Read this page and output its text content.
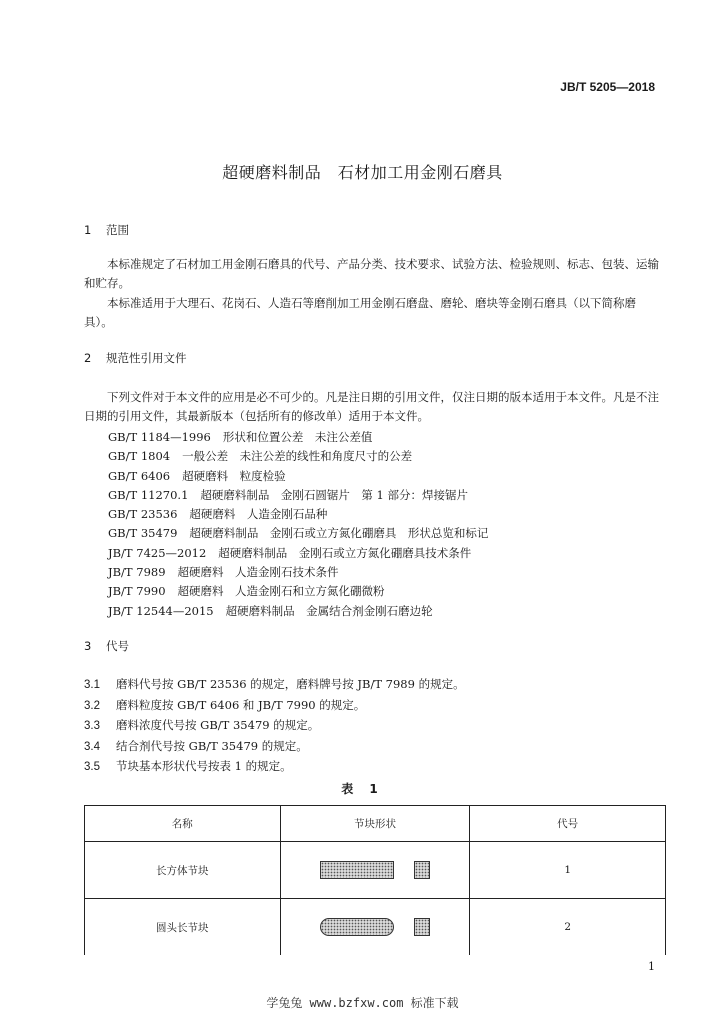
JB/T 5205—2018
超硬磨料制品　石材加工用金刚石磨具
1 范围
本标准规定了石材加工用金刚石磨具的代号、产品分类、技术要求、试验方法、检验规则、标志、包装、运输和贮存。
本标准适用于大理石、花岗石、人造石等磨削加工用金刚石磨盘、磨轮、磨块等金刚石磨具（以下简称磨具）。
2 规范性引用文件
下列文件对于本文件的应用是必不可少的。凡是注日期的引用文件，仅注日期的版本适用于本文件。凡是不注日期的引用文件，其最新版本（包括所有的修改单）适用于本文件。
GB/T 1184—1996 形状和位置公差　未注公差值
GB/T 1804 一般公差　未注公差的线性和角度尺寸的公差
GB/T 6406 超硬磨料　粒度检验
GB/T 11270.1 超硬磨料制品　金刚石圆锯片　第 1 部分：焊接锯片
GB/T 23536 超硬磨料　人造金刚石品种
GB/T 35479 超硬磨料制品　金刚石或立方氮化硼磨具　形状总览和标记
JB/T 7425—2012 超硬磨料制品　金刚石或立方氮化硼磨具技术条件
JB/T 7989 超硬磨料　人造金刚石技术条件
JB/T 7990 超硬磨料　人造金刚石和立方氮化硼微粉
JB/T 12544—2015 超硬磨料制品　金属结合剂金刚石磨边轮
3 代号
3.1 磨料代号按 GB/T 23536 的规定，磨料牌号按 JB/T 7989 的规定。
3.2 磨料粒度按 GB/T 6406 和 JB/T 7990 的规定。
3.3 磨料浓度代号按 GB/T 35479 的规定。
3.4 结合剂代号按 GB/T 35479 的规定。
3.5 节块基本形状代号按表 1 的规定。
表 1
名称	节块形状	代号
长方体节块		1
圆头长节块		2
1
学兔兔 www.bzfxw.com 标准下载
